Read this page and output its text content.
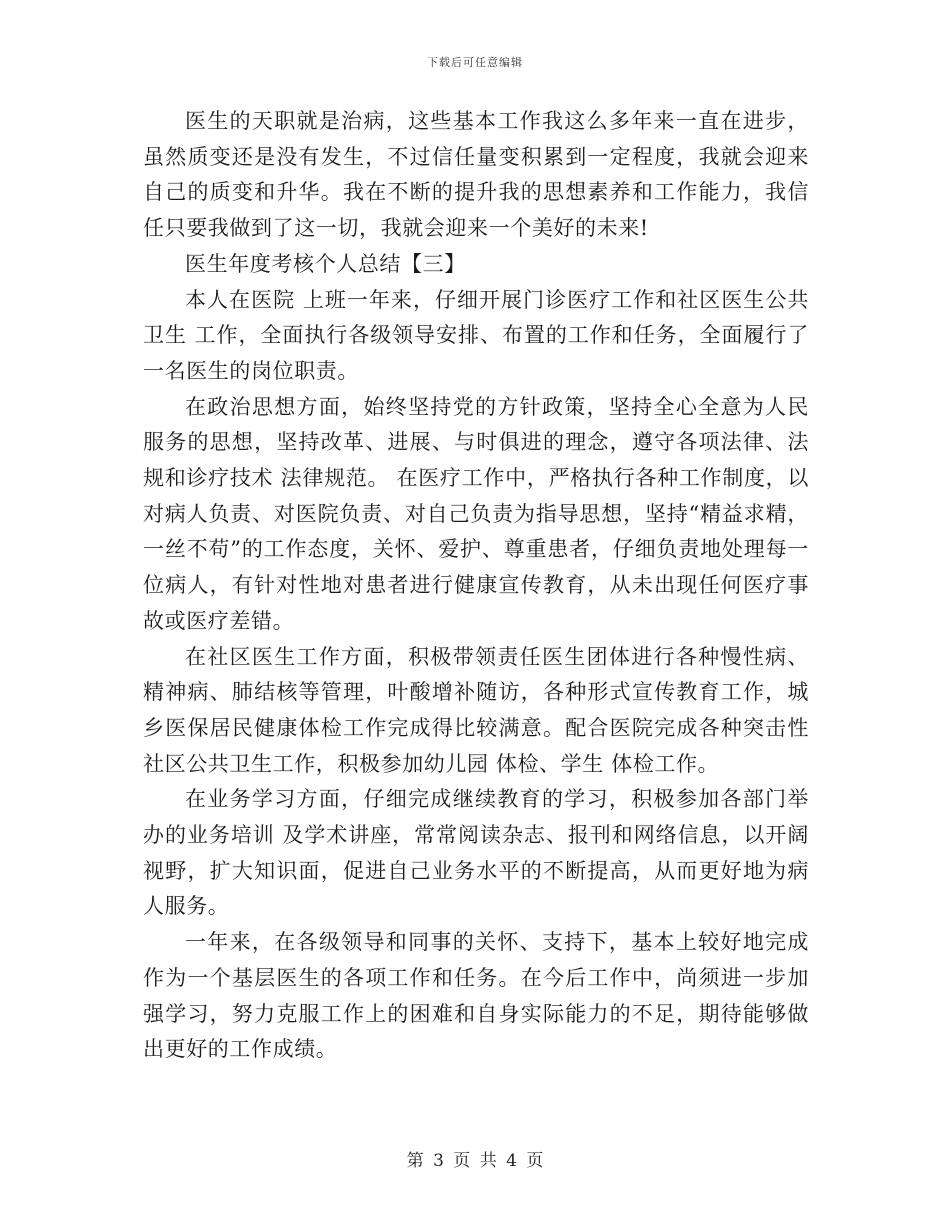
下载后可任意编辑

医生的天职就是治病，这些基本工作我这么多年来一直在进步，虽然质变还是没有发生，不过信任量变积累到一定程度，我就会迎来自己的质变和升华。我在不断的提升我的思想素养和工作能力，我信任只要我做到了这一切，我就会迎来一个美好的未来!

医生年度考核个人总结【三】

本人在医院 上班一年来，仔细开展门诊医疗工作和社区医生公共卫生 工作，全面执行各级领导安排、布置的工作和任务，全面履行了一名医生的岗位职责。

在政治思想方面，始终坚持党的方针政策，坚持全心全意为人民服务的思想，坚持改革、进展、与时俱进的理念，遵守各项法律、法规和诊疗技术 法律规范。 在医疗工作中，严格执行各种工作制度，以对病人负责、对医院负责、对自己负责为指导思想，坚持“精益求精，一丝不苟”的工作态度，关怀、爱护、尊重患者，仔细负责地处理每一位病人，有针对性地对患者进行健康宣传教育，从未出现任何医疗事故或医疗差错。

在社区医生工作方面，积极带领责任医生团体进行各种慢性病、精神病、肺结核等管理，叶酸增补随访，各种形式宣传教育工作，城乡医保居民健康体检工作完成得比较满意。配合医院完成各种突击性社区公共卫生工作，积极参加幼儿园 体检、学生 体检工作。

在业务学习方面，仔细完成继续教育的学习，积极参加各部门举办的业务培训 及学术讲座，常常阅读杂志、报刊和网络信息，以开阔视野，扩大知识面，促进自己业务水平的不断提高，从而更好地为病人服务。

一年来，在各级领导和同事的关怀、支持下，基本上较好地完成作为一个基层医生的各项工作和任务。在今后工作中，尚须进一步加强学习，努力克服工作上的困难和自身实际能力的不足，期待能够做出更好的工作成绩。

第 3 页 共 4 页
